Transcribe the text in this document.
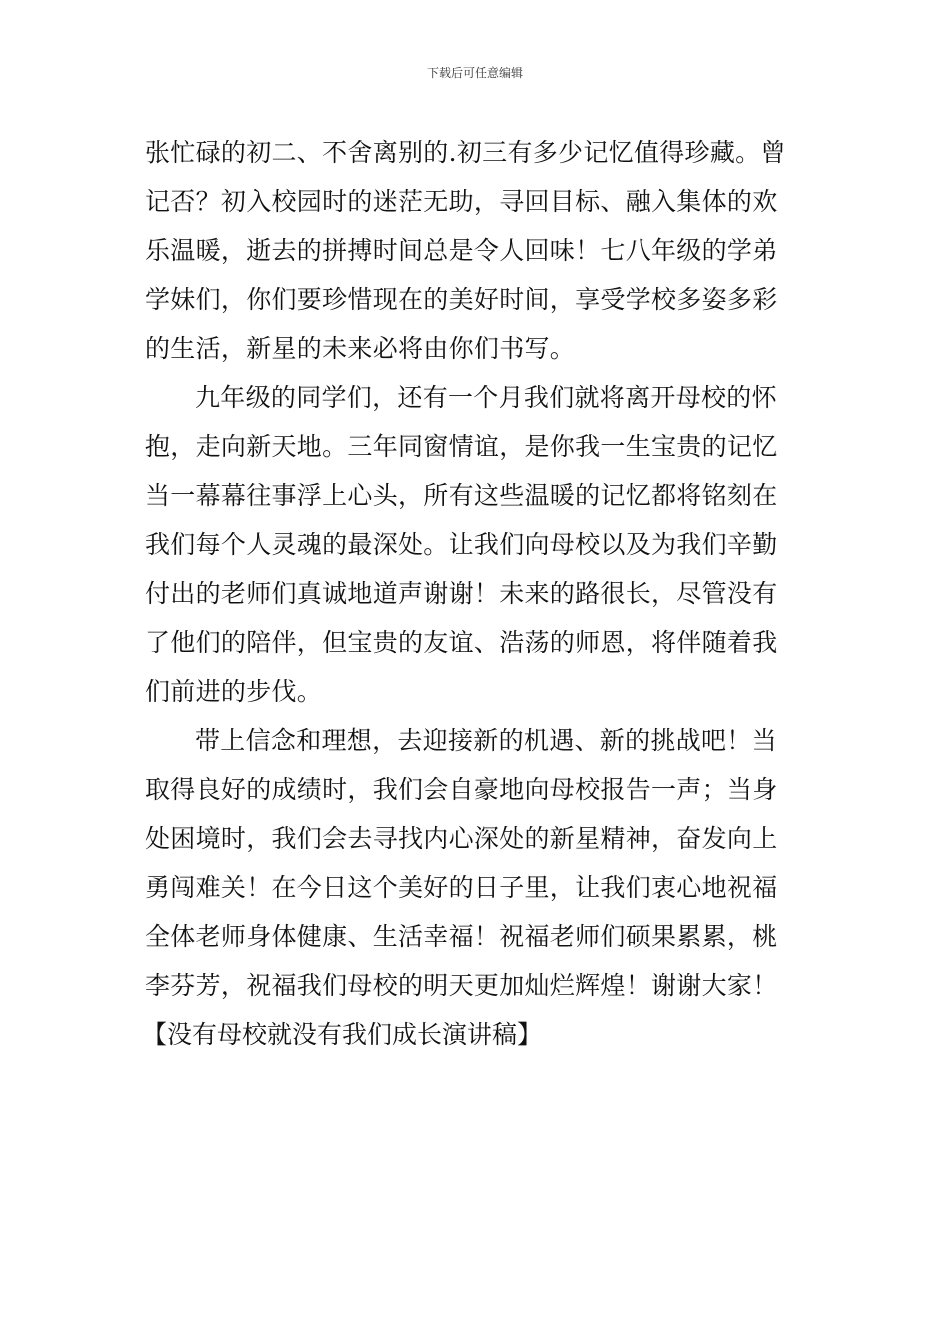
下载后可任意编辑
张忙碌的初二、不舍离别的.初三有多少记忆值得珍藏。曾
记否？初入校园时的迷茫无助，寻回目标、融入集体的欢
乐温暖，逝去的拼搏时间总是令人回味！七八年级的学弟
学妹们，你们要珍惜现在的美好时间，享受学校多姿多彩
的生活，新星的未来必将由你们书写。
九年级的同学们，还有一个月我们就将离开母校的怀
抱，走向新天地。三年同窗情谊，是你我一生宝贵的记忆
当一幕幕往事浮上心头，所有这些温暖的记忆都将铭刻在
我们每个人灵魂的最深处。让我们向母校以及为我们辛勤
付出的老师们真诚地道声谢谢！未来的路很长，尽管没有
了他们的陪伴，但宝贵的友谊、浩荡的师恩，将伴随着我
们前进的步伐。
带上信念和理想，去迎接新的机遇、新的挑战吧！当
取得良好的成绩时，我们会自豪地向母校报告一声；当身
处困境时，我们会去寻找内心深处的新星精神，奋发向上
勇闯难关！在今日这个美好的日子里，让我们衷心地祝福
全体老师身体健康、生活幸福！祝福老师们硕果累累，桃
李芬芳，祝福我们母校的明天更加灿烂辉煌！谢谢大家！
【没有母校就没有我们成长演讲稿】
